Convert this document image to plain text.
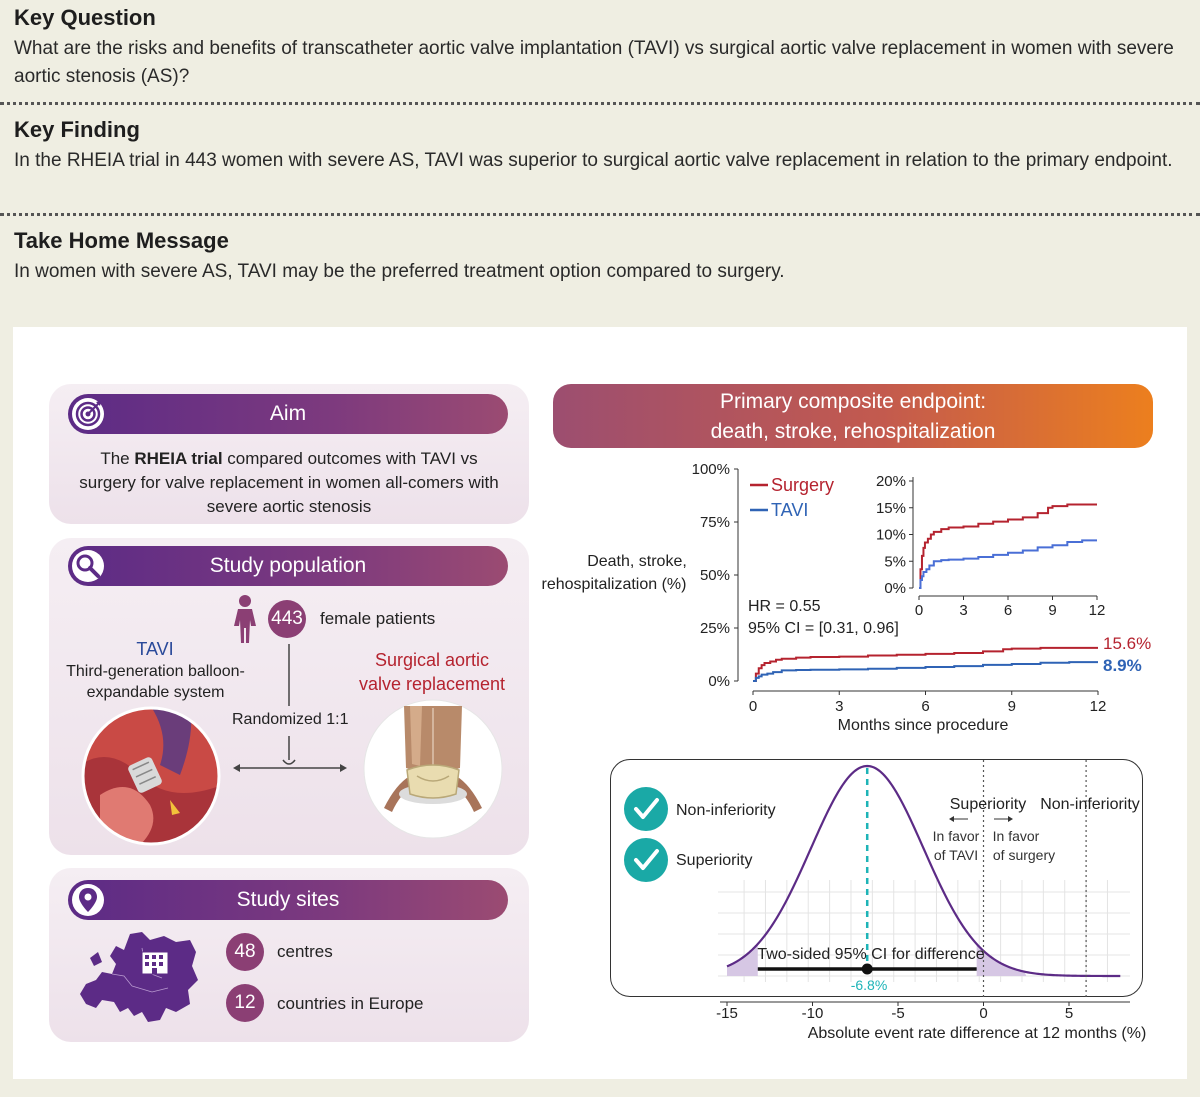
Key Question

What are the risks and benefits of transcatheter aortic valve implantation (TAVI) vs surgical aortic valve replacement in women with severe aortic stenosis (AS)?

Key Finding

In the RHEIA trial in 443 women with severe AS, TAVI was superior to surgical aortic valve replacement in relation to the primary endpoint.

Take Home Message

In women with severe AS, TAVI may be the preferred treatment option compared to surgery.

Aim
The RHEIA trial compared outcomes with TAVI vs surgery for valve replacement in women all-comers with severe aortic stenosis
Study population
443 female patients
TAVI
Third-generation balloon-
expandable system
Surgical aortic
valve replacement
Randomized 1:1
Study sites
48 centres
12 countries in Europe
Primary composite endpoint:
death, stroke, rehospitalization
0%
25%
50%
75%
100%
0	3	6	9	12
0%
5%
10%
15%
20%
0 3 6 9 12
Death, stroke,
rehospitalization (%)
Months since procedure
Surgery
TAVI
HR = 0.55
95% CI = [0.31, 0.96]
15.6%
8.9%
-15	-10	-5	0	5
Non-inferiority
Superiority
Superiority Non-inferiority
In favor
of TAVI
In favor
of surgery
Two-sided 95% CI for difference
-6.8%
Absolute event rate difference at 12 months (%)
